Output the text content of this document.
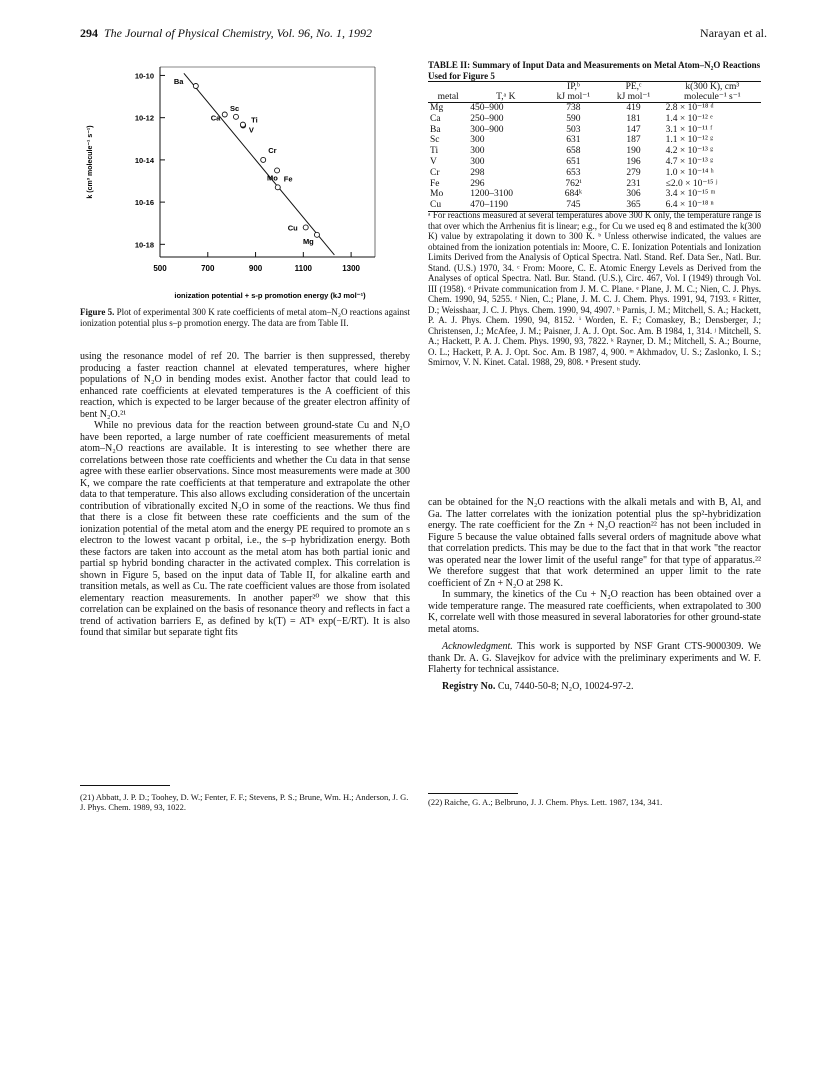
294 The Journal of Physical Chemistry, Vol. 96, No. 1, 1992	Narayan et al.
10-10
10-12
10-14
10-16
10-18
500	700	900	1100	1300
Ba
Ca
Sc
Ti
V
Cr
Fe
Mo
Cu
Mg
k (cm³ molecule⁻¹ s⁻¹)
ionization potential + s-p promotion energy (kJ mol⁻¹)
Figure 5. Plot of experimental 300 K rate coefficients of metal atom–N₂O reactions against ionization potential plus s–p promotion energy. The data are from Table II.

using the resonance model of ref 20. The barrier is then suppressed, thereby producing a faster reaction channel at elevated temperatures, where higher populations of N₂O in bending modes exist. Another factor that could lead to enhanced rate coefficients at elevated temperatures is the A coefficient of this reaction, which is expected to be larger because of the greater electron affinity of bent N₂O.²¹

While no previous data for the reaction between ground-state Cu and N₂O have been reported, a large number of rate coefficient measurements of metal atom–N₂O reactions are available. It is interesting to see whether there are correlations between those rate coefficients and whether the Cu data in that sense agree with these earlier observations. Since most measurements were made at 300 K, we compare the rate coefficients at that temperature and extrapolate the other data to that temperature. This also allows excluding consideration of the uncertain contribution of vibrationally excited N₂O in some of the reactions. We thus find that there is a close fit between these rate coefficients and the sum of the ionization potential of the metal atom and the energy PE required to promote an s electron to the lowest vacant p orbital, i.e., the s–p hybridization energy. Both these factors are taken into account as the metal atom has both partial ionic and partial sp hybrid bonding character in the activated complex. This correlation is shown in Figure 5, based on the input data of Table II, for alkaline earth and transition metals, as well as Cu. The rate coefficient values are those from isolated elementary reaction measurements. In another paper²⁰ we show that this correlation can be explained on the basis of resonance theory and reflects in fact a trend of activation barriers E, as defined by k(T) = ATⁿ exp(−E/RT). It is also found that similar but separate tight fits

(21) Abbatt, J. P. D.; Toohey, D. W.; Fenter, F. F.; Stevens, P. S.; Brune, Wm. H.; Anderson, J. G. J. Phys. Chem. 1989, 93, 1022.
TABLE II: Summary of Input Data and Measurements on Metal Atom–N₂O Reactions Used for Figure 5
		IP,ᵇ	PE,ᶜ	k(300 K), cm³
metal	T,ᵃ K	kJ mol⁻¹	kJ mol⁻¹	molecule⁻¹ s⁻¹
Mg	450–900	738	419	2.8 × 10⁻¹⁸ ᵈ
Ca	250–900	590	181	1.4 × 10⁻¹² ᵉ
Ba	300–900	503	147	3.1 × 10⁻¹¹ ᶠ
Sc	300	631	187	1.1 × 10⁻¹² ᵍ
Ti	300	658	190	4.2 × 10⁻¹³ ᵍ
V	300	651	196	4.7 × 10⁻¹³ ᵍ
Cr	298	653	279	1.0 × 10⁻¹⁴ ʰ
Fe	296	762ⁱ	231	≤2.0 × 10⁻¹⁵ ʲ
Mo	1200–3100	684ᵏ	306	3.4 × 10⁻¹⁵ ᵐ
Cu	470–1190	745	365	6.4 × 10⁻¹⁸ ⁿ
ᵃ For reactions measured at several temperatures above 300 K only, the temperature range is that over which the Arrhenius fit is linear; e.g., for Cu we used eq 8 and estimated the k(300 K) value by extrapolating it down to 300 K. ᵇ Unless otherwise indicated, the values are obtained from the ionization potentials in: Moore, C. E. Ionization Potentials and Ionization Limits Derived from the Analysis of Optical Spectra. Natl. Stand. Ref. Data Ser., Natl. Bur. Stand. (U.S.) 1970, 34. ᶜ From: Moore, C. E. Atomic Energy Levels as Derived from the Analyses of optical Spectra. Natl. Bur. Stand. (U.S.), Circ. 467, Vol. I (1949) through Vol. III (1958). ᵈ Private communication from J. M. C. Plane. ᵉ Plane, J. M. C.; Nien, C. J. Phys. Chem. 1990, 94, 5255. ᶠ Nien, C.; Plane, J. M. C. J. Chem. Phys. 1991, 94, 7193. ᵍ Ritter, D.; Weisshaar, J. C. J. Phys. Chem. 1990, 94, 4907. ʰ Parnis, J. M.; Mitchell, S. A.; Hackett, P. A. J. Phys. Chem. 1990, 94, 8152. ⁱ Worden, E. F.; Comaskey, B.; Densberger, J.; Christensen, J.; McAfee, J. M.; Paisner, J. A. J. Opt. Soc. Am. B 1984, 1, 314. ʲ Mitchell, S. A.; Hackett, P. A. J. Chem. Phys. 1990, 93, 7822. ᵏ Rayner, D. M.; Mitchell, S. A.; Bourne, O. L.; Hackett, P. A. J. Opt. Soc. Am. B 1987, 4, 900. ᵐ Akhmadov, U. S.; Zaslonko, I. S.; Smirnov, V. N. Kinet. Catal. 1988, 29, 808. ⁿ Present study.

can be obtained for the N₂O reactions with the alkali metals and with B, Al, and Ga. The latter correlates with the ionization potential plus the sp²-hybridization energy. The rate coefficient for the Zn + N₂O reaction²² has not been included in Figure 5 because the value obtained falls several orders of magnitude above what that correlation predicts. This may be due to the fact that in that work "the reactor was operated near the lower limit of the useful range" for that type of apparatus.²² We therefore suggest that that work determined an upper limit to the rate coefficient of Zn + N₂O at 298 K.

In summary, the kinetics of the Cu + N₂O reaction has been obtained over a wide temperature range. The measured rate coefficients, when extrapolated to 300 K, correlate well with those measured in several laboratories for other ground-state metal atoms.

Acknowledgment. This work is supported by NSF Grant CTS-9000309. We thank Dr. A. G. Slavejkov for advice with the preliminary experiments and W. F. Flaherty for technical assistance.

Registry No. Cu, 7440-50-8; N₂O, 10024-97-2.

(22) Raiche, G. A.; Belbruno, J. J. Chem. Phys. Lett. 1987, 134, 341.
